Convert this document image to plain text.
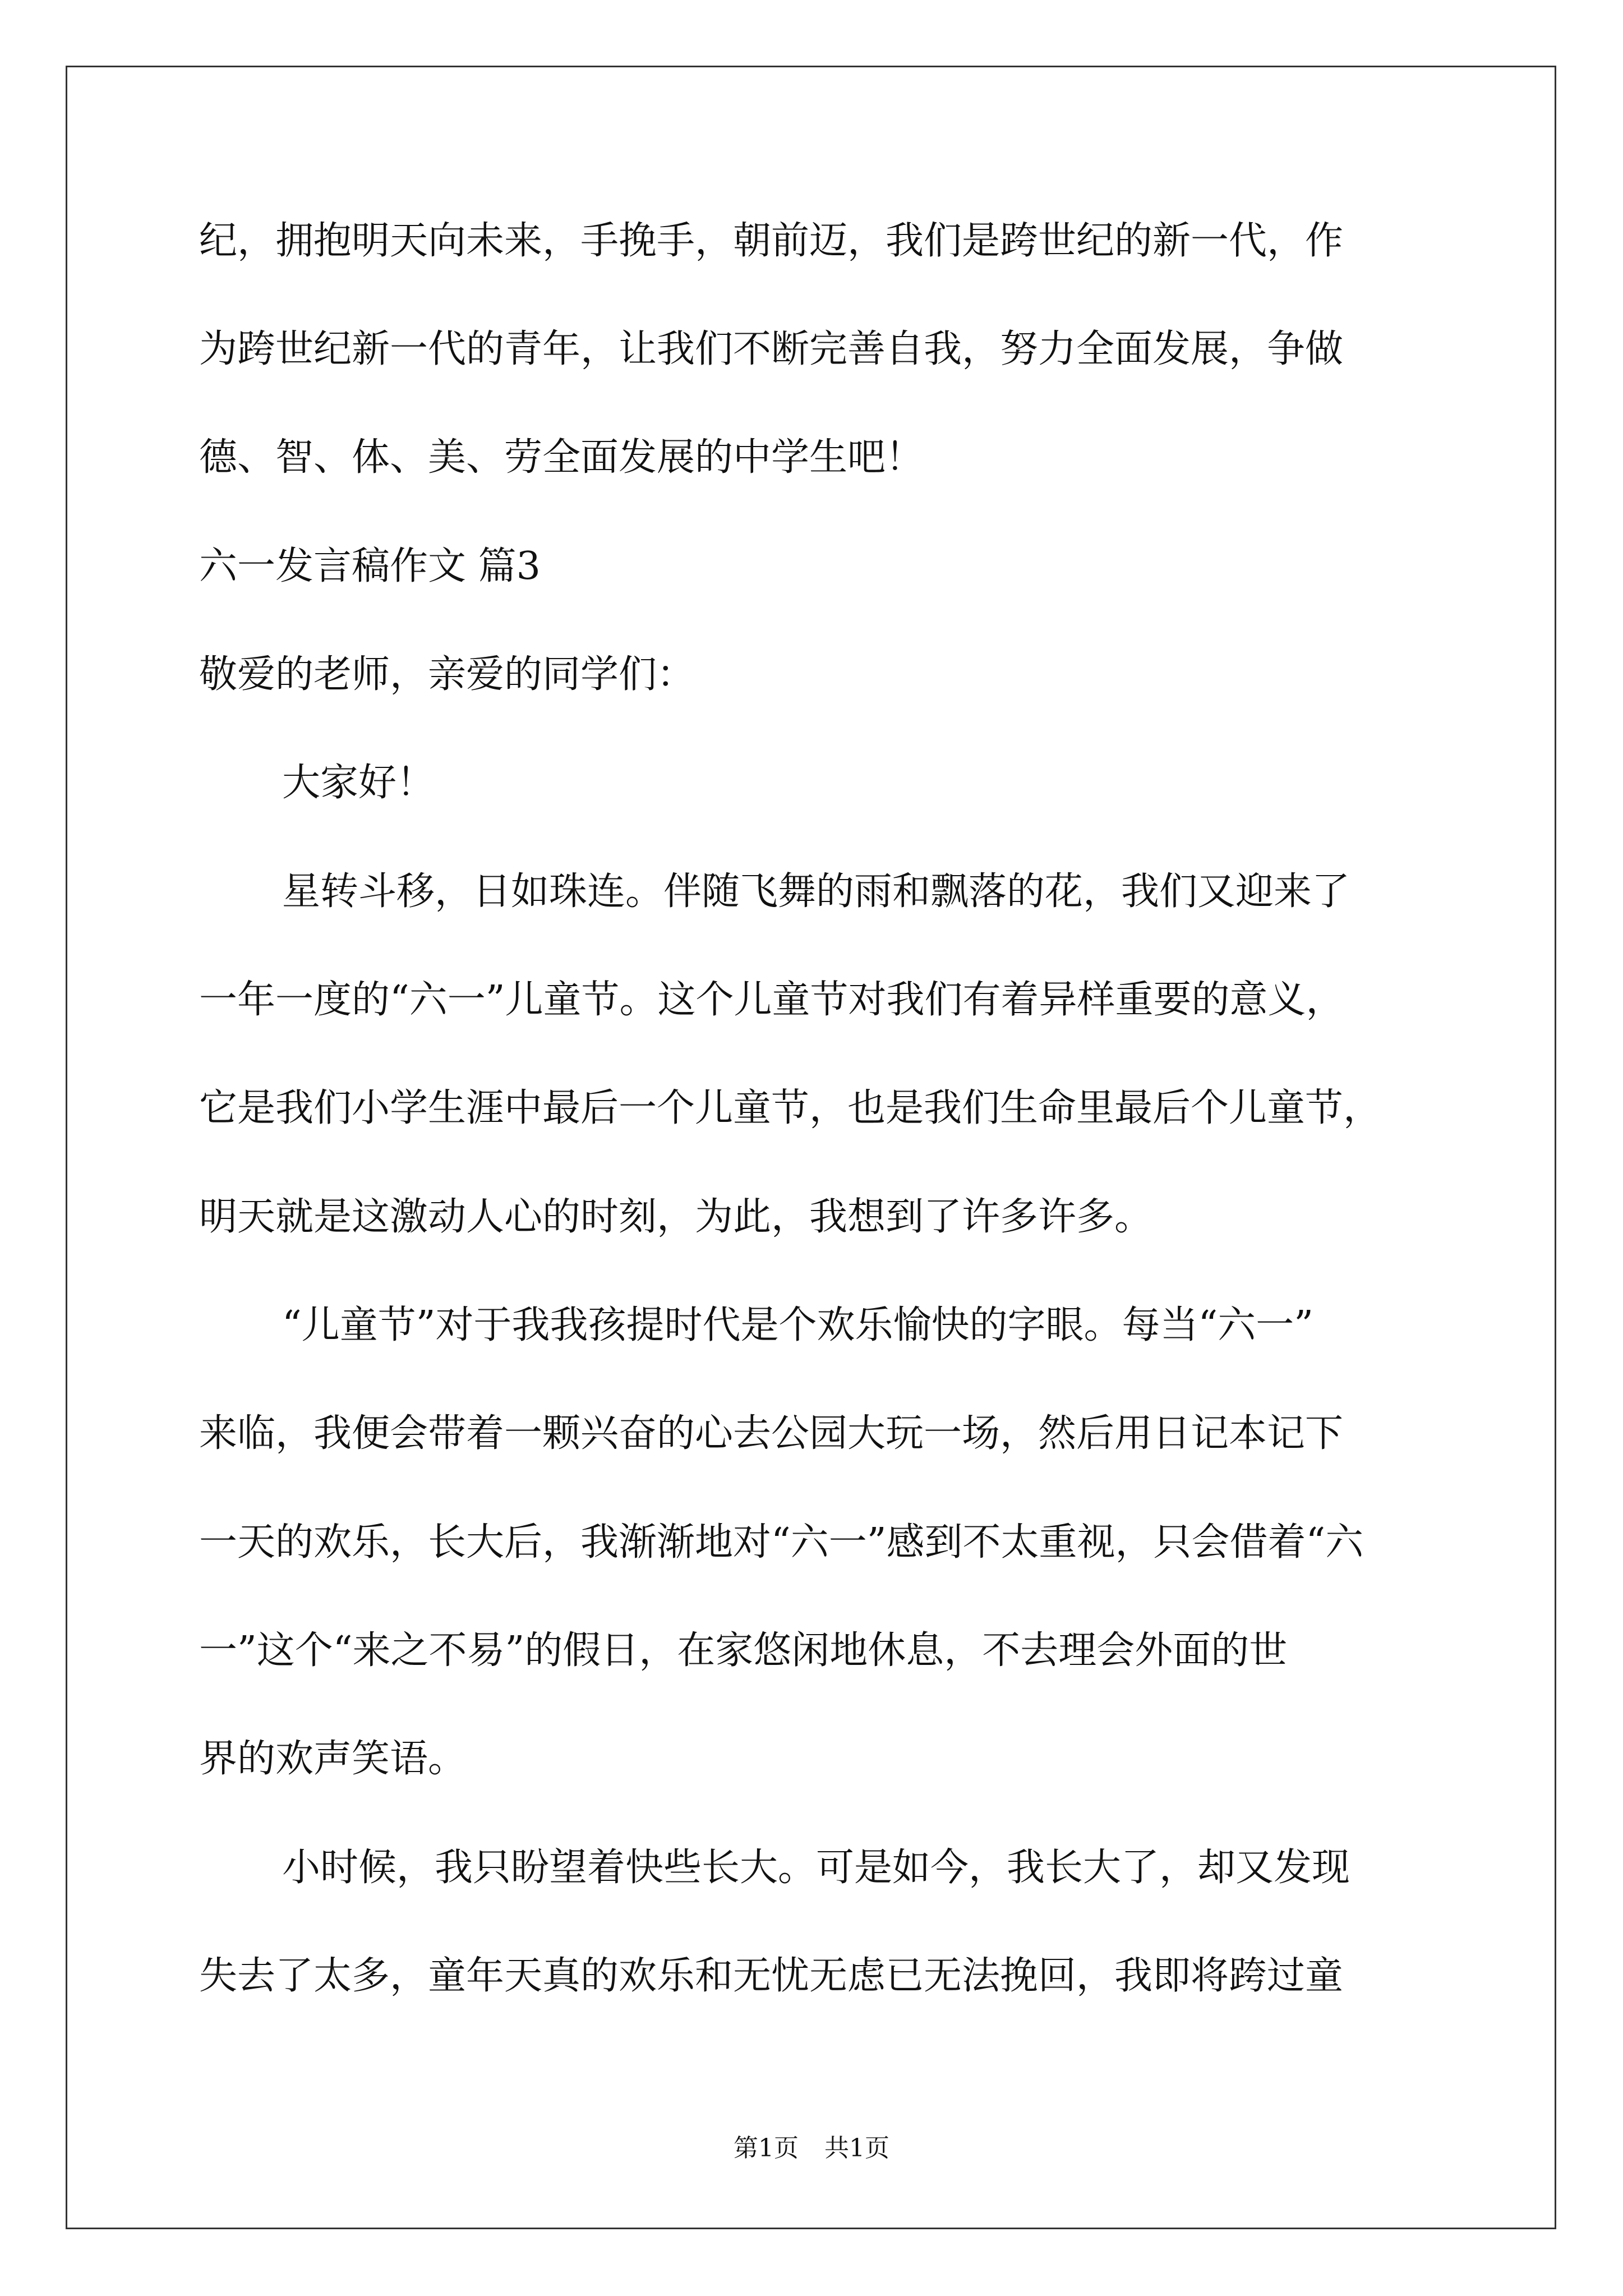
纪，拥抱明天向未来，手挽手，朝前迈，我们是跨世纪的新一代，作
为跨世纪新一代的青年，让我们不断完善自我，努力全面发展，争做
德、智、体、美、劳全面发展的中学生吧！
六一发言稿作文 篇3
敬爱的老师，亲爱的同学们：
大家好！
星转斗移，日如珠连。伴随飞舞的雨和飘落的花，我们又迎来了
一年一度的“六一”儿童节。这个儿童节对我们有着异样重要的意义，
它是我们小学生涯中最后一个儿童节，也是我们生命里最后个儿童节，
明天就是这激动人心的时刻，为此，我想到了许多许多。
“儿童节”对于我我孩提时代是个欢乐愉快的字眼。每当“六一”
来临，我便会带着一颗兴奋的心去公园大玩一场，然后用日记本记下
一天的欢乐，长大后，我渐渐地对“六一”感到不太重视，只会借着“六
一”这个“来之不易”的假日，在家悠闲地休息，不去理会外面的世
界的欢声笑语。
小时候，我只盼望着快些长大。可是如今，我长大了，却又发现
失去了太多，童年天真的欢乐和无忧无虑已无法挽回，我即将跨过童
第1页 共1页
